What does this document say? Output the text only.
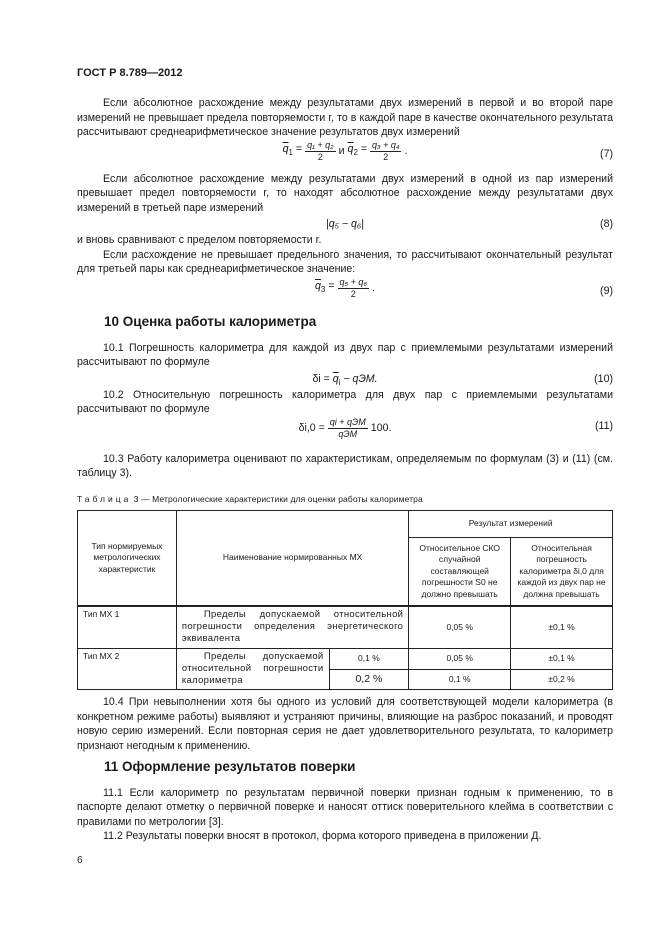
ГОСТ Р 8.789—2012

Если абсолютное расхождение между результатами двух измерений в первой и во второй паре измерений не превышает предела повторяемости r, то в каждой паре в качестве окончательного результата рассчитывают среднеарифметическое значение результатов двух измерений

$\overline{q}_1 = \frac{\text{q₁ + q₂}}{2}$ и $\overline{q}_2 = \frac{\text{q₃ + q₄}}{2}$ .	(7)

Если абсолютное расхождение между результатами двух измерений в одной из пар измерений превышает предел повторяемости r, то находят абсолютное расхождение между результатами двух измерений в третьей паре измерений

|q₅ − q₆|	(8)

и вновь сравнивают с пределом повторяемости r.

Если расхождение не превышает предельного значения, то рассчитывают окончательный результат для третьей пары как среднеарифметическое значение:

$\overline{q}_3 = \frac{\text{q₅ + q₆}}{2}$ .	(9)
10 Оценка работы калориметра

10.1 Погрешность калориметра для каждой из двух пар с приемлемыми результатами измерений рассчитывают по формуле

$\delta i = \overline{q}_i$ − qЭМ.	(10)

10.2 Относительную погрешность калориметра для двух пар с приемлемыми результатами рассчитывают по формуле

$\delta i,0 = \frac{\text{qi + qЭМ}}{\text{qЭМ}} 100$.	(11)

10.3 Работу калориметра оценивают по характеристикам, определяемым по формулам (3) и (11) (см. таблицу 3).

Таблица 3 — Метрологические характеристики для оценки работы калориметра
Тип нормируемых метрологических характеристик	Наименование нормированных МХ		Результат измерений	
			Относительное СКО случайной составляющей погрешности S0 не должно превышать	Относительная погрешность калориметра δi,0 для каждой из двух пар не должна превышать
Тип МХ 1	Пределы допускаемой относительной погрешности определения энергетического эквивалента		0,05 %	±0,1 %
Тип МХ 2	Пределы допускаемой относительной погрешности калориметра	0,1 %	0,05 %	±0,1 %
		0,2 %	0,1 %	±0,2 %

10.4 При невыполнении хотя бы одного из условий для соответствующей модели калориметра (в конкретном режиме работы) выявляют и устраняют причины, влияющие на разброс показаний, и проводят новую серию измерений. Если повторная серия не дает удовлетворительного результата, то калориметр признают негодным к применению.

11 Оформление результатов поверки

11.1 Если калориметр по результатам первичной поверки признан годным к применению, то в паспорте делают отметку о первичной поверке и наносят оттиск поверительного клейма в соответствии с правилами по метрологии [3].

11.2 Результаты поверки вносят в протокол, форма которого приведена в приложении Д.

6
